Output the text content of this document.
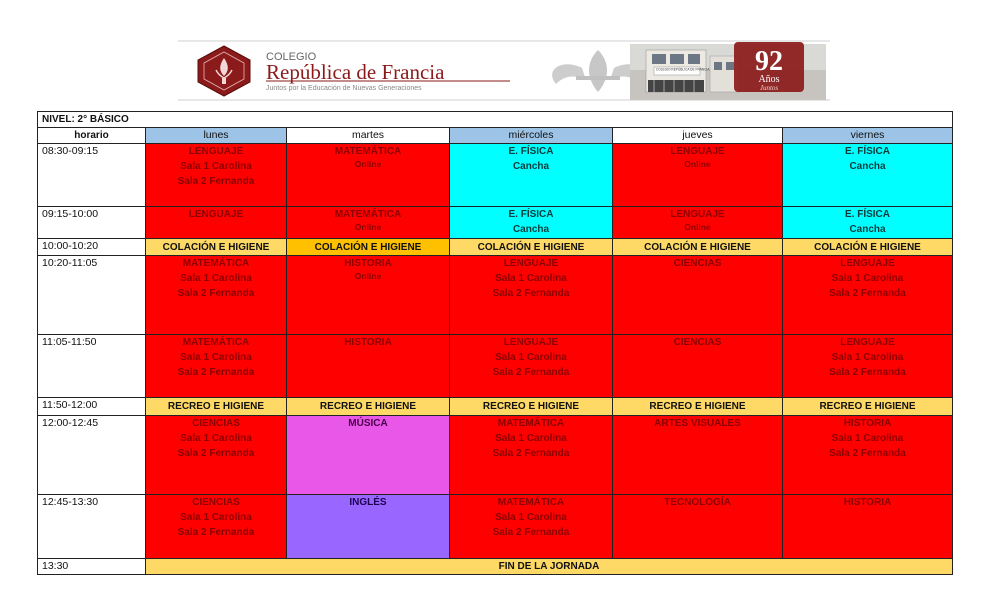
COLEGIO
República de Francia
Juntos por la Educación de Nuevas Generaciones
COLEGIO REPÚBLICA DE FRANCIA 92
Años
Juntos
NIVEL: 2° BÁSICO					
horario	lunes	martes	miércoles	jueves	viernes
08:30-09:15	LENGUAJE
Sala 1 Carolina
Sala 2 Fernanda	MATEMÁTICA
Online	E. FÍSICA
Cancha	LENGUAJE
Online	E. FÍSICA
Cancha

09:15-10:00	LENGUAJE	MATEMÁTICA
Online	E. FÍSICA
Cancha	LENGUAJE
Online	E. FÍSICA
Cancha

10:00-10:20	COLACIÓN E HIGIENE	COLACIÓN E HIGIENE	COLACIÓN E HIGIENE	COLACIÓN E HIGIENE	COLACIÓN E HIGIENE

10:20-11:05	MATEMÁTICA
Sala 1 Carolina
Sala 2 Fernanda	HISTORIA
Online	LENGUAJE
Sala 1 Carolina
Sala 2 Fernanda	CIENCIAS	LENGUAJE
Sala 1 Carolina
Sala 2 Fernanda

11:05-11:50	MATEMÁTICA
Sala 1 Carolina
Sala 2 Fernanda	HISTORIA	LENGUAJE
Sala 1 Carolina
Sala 2 Fernanda	CIENCIAS	LENGUAJE
Sala 1 Carolina
Sala 2 Fernanda

11:50-12:00	RECREO E HIGIENE	RECREO E HIGIENE	RECREO E HIGIENE	RECREO E HIGIENE	RECREO E HIGIENE

12:00-12:45	CIENCIAS
Sala 1 Carolina
Sala 2 Fernanda	MÚSICA	MATEMÁTICA
Sala 1 Carolina
Sala 2 Fernanda	ARTES VISUALES	HISTORIA
Sala 1 Carolina
Sala 2 Fernanda

12:45-13:30	CIENCIAS
Sala 1 Carolina
Sala 2 Fernanda	INGLÉS	MATEMÁTICA
Sala 1 Carolina
Sala 2 Fernanda	TECNOLOGÍA	HISTORIA

13:30	FIN DE LA JORNADA				
